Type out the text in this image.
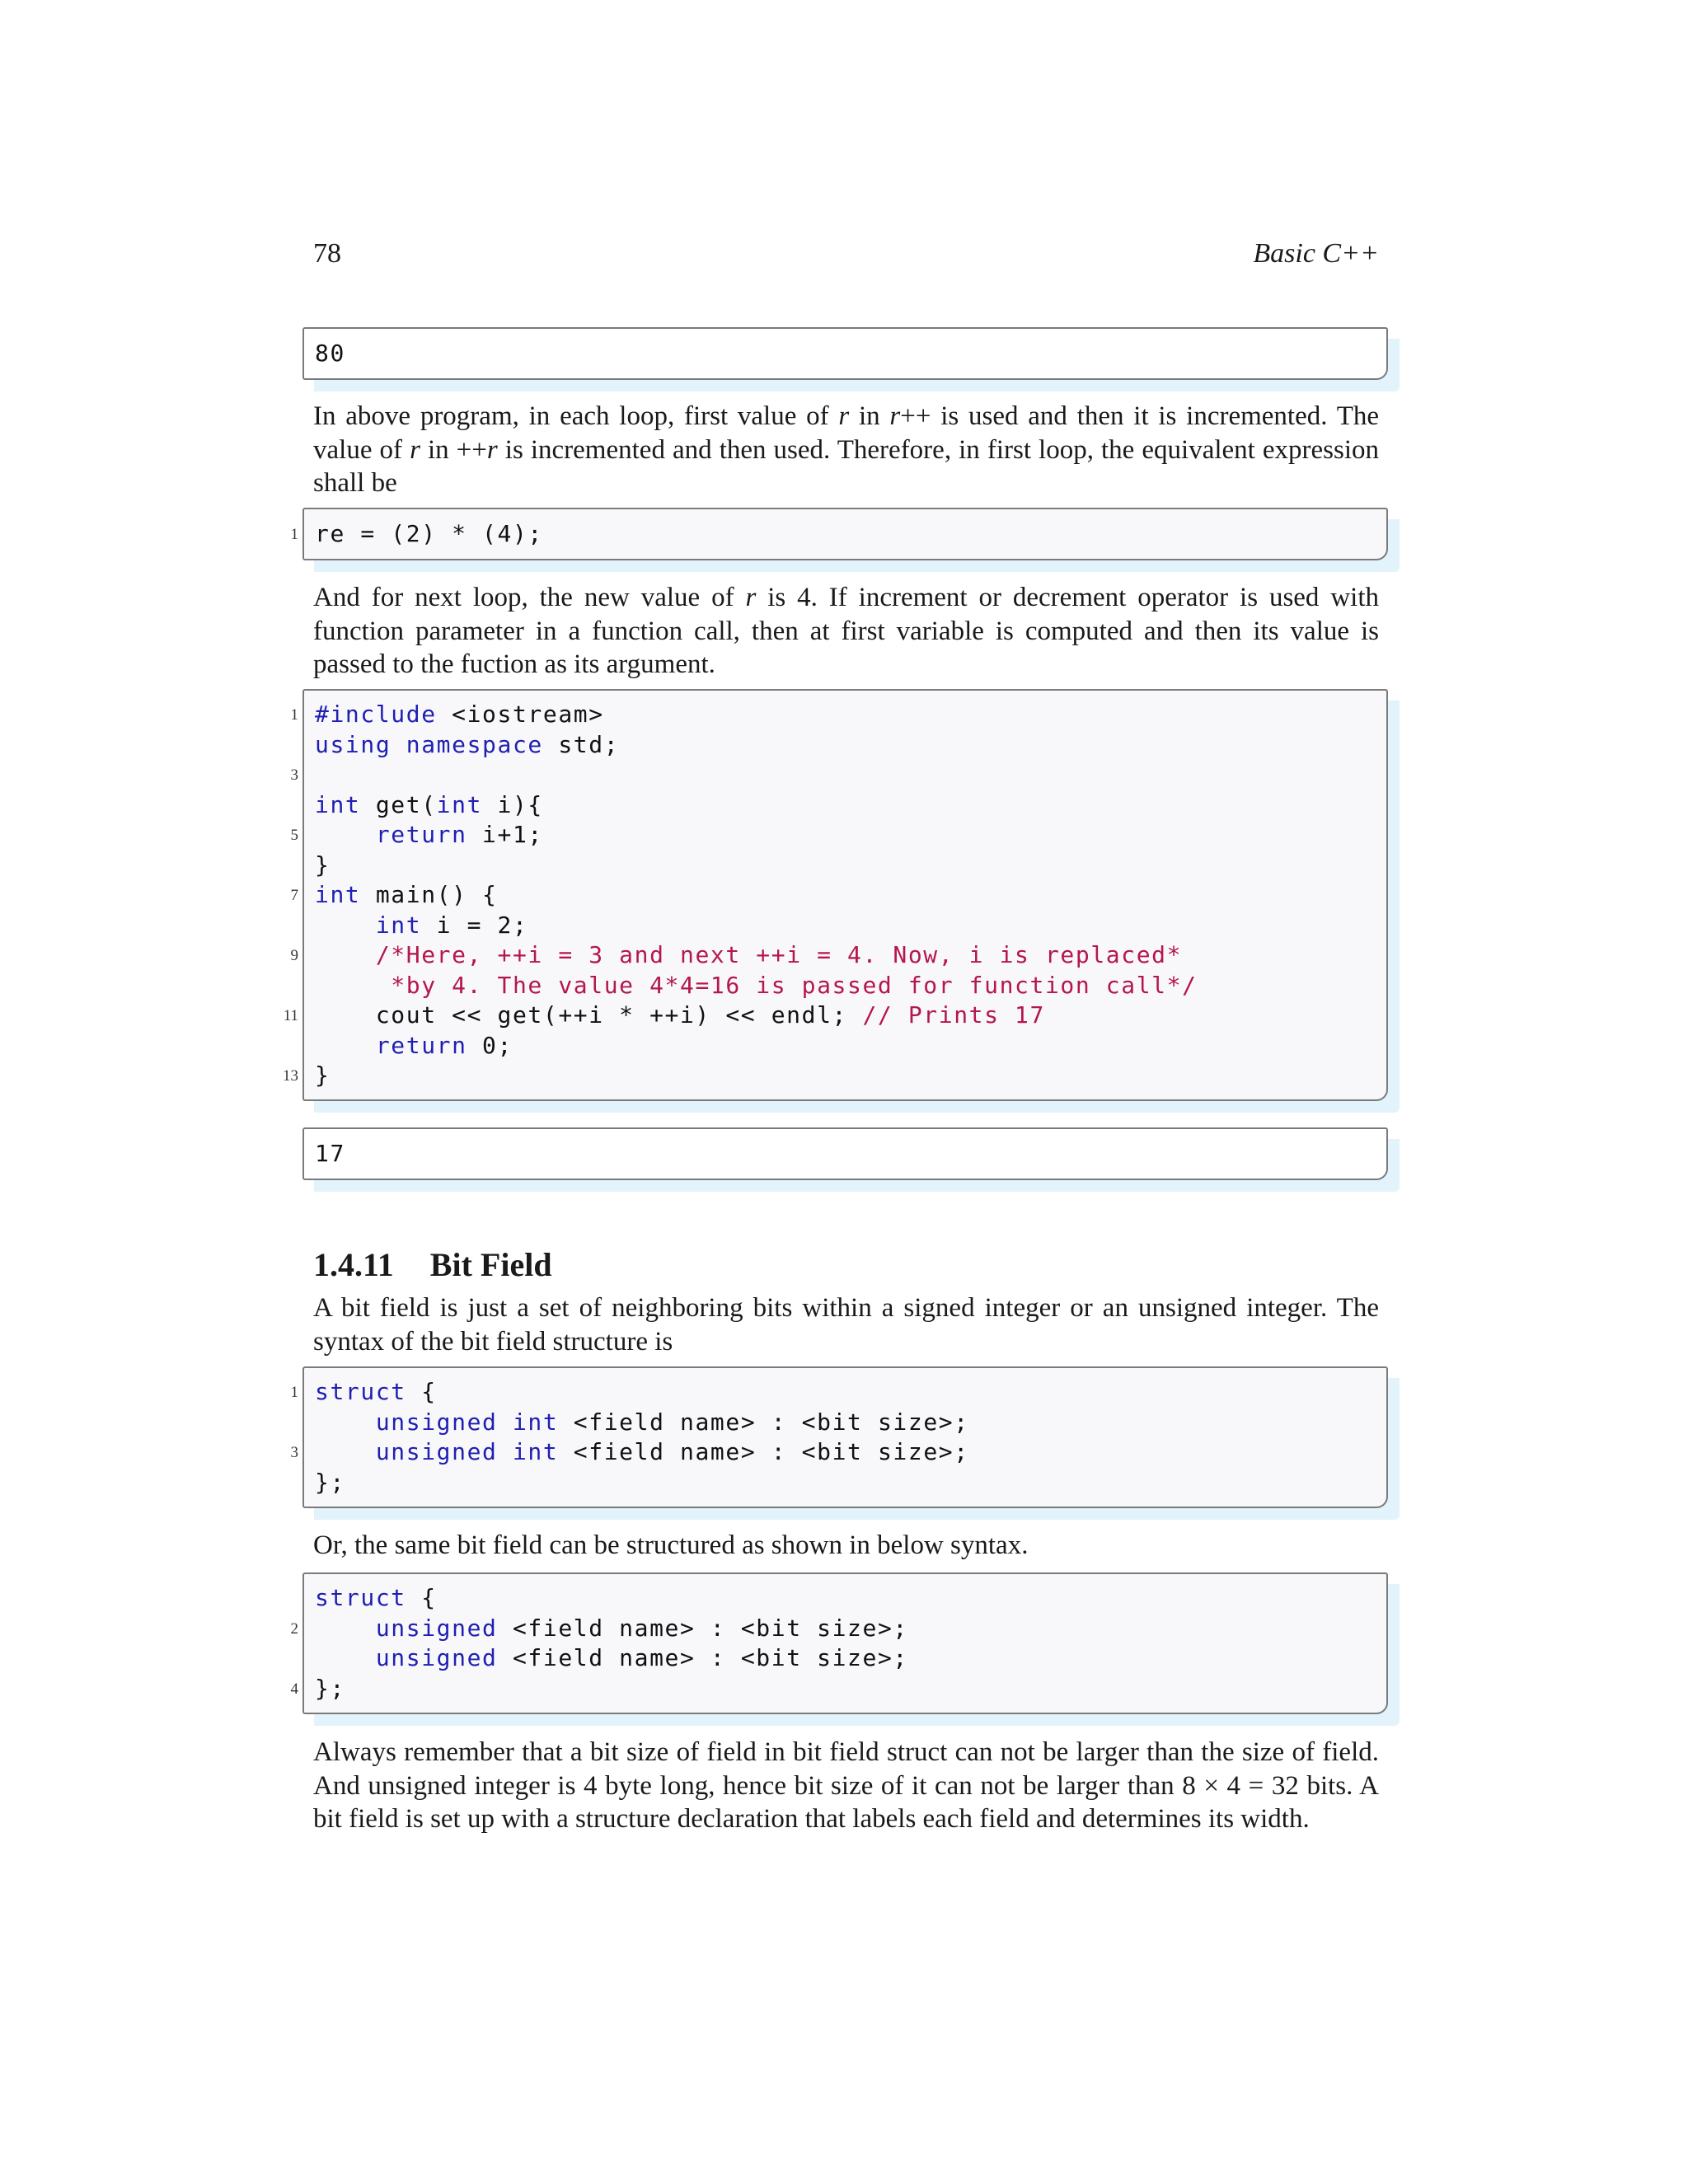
78	Basic C++
80

In above program, in each loop, first value of r in r++ is used and then it is incremented. The value of r in ++r is incremented and then used. Therefore, in first loop, the equivalent expression shall be

1 re = (2) * (4);

And for next loop, the new value of r is 4. If increment or decrement operator is used with function parameter in a function call, then at first variable is computed and then its value is passed to the fuction as its argument.

#include <iostream>
using namespace std;
int get(int i){
return i+1;
}
int main() {
int i = 2;
/*Here, ++i = 3 and next ++i = 4. Now, i is replaced*
*by 4. The value 4*4=16 is passed for function call*/
cout << get(++i * ++i) << endl; // Prints 17
return 0;
}
1
3
5
7
9
11
13
17
1.4.11 Bit Field

A bit field is just a set of neighboring bits within a signed integer or an unsigned integer. The syntax of the bit field structure is

struct {
unsigned int <field name> : <bit size>;
unsigned int <field name> : <bit size>;
};
1
3

Or, the same bit field can be structured as shown in below syntax.

struct {
unsigned <field name> : <bit size>;
unsigned <field name> : <bit size>;
};
2
4

Always remember that a bit size of field in bit field struct can not be larger than the size of field. And unsigned integer is 4 byte long, hence bit size of it can not be larger than 8 × 4 = 32 bits. A bit field is set up with a structure declaration that labels each field and determines its width.
